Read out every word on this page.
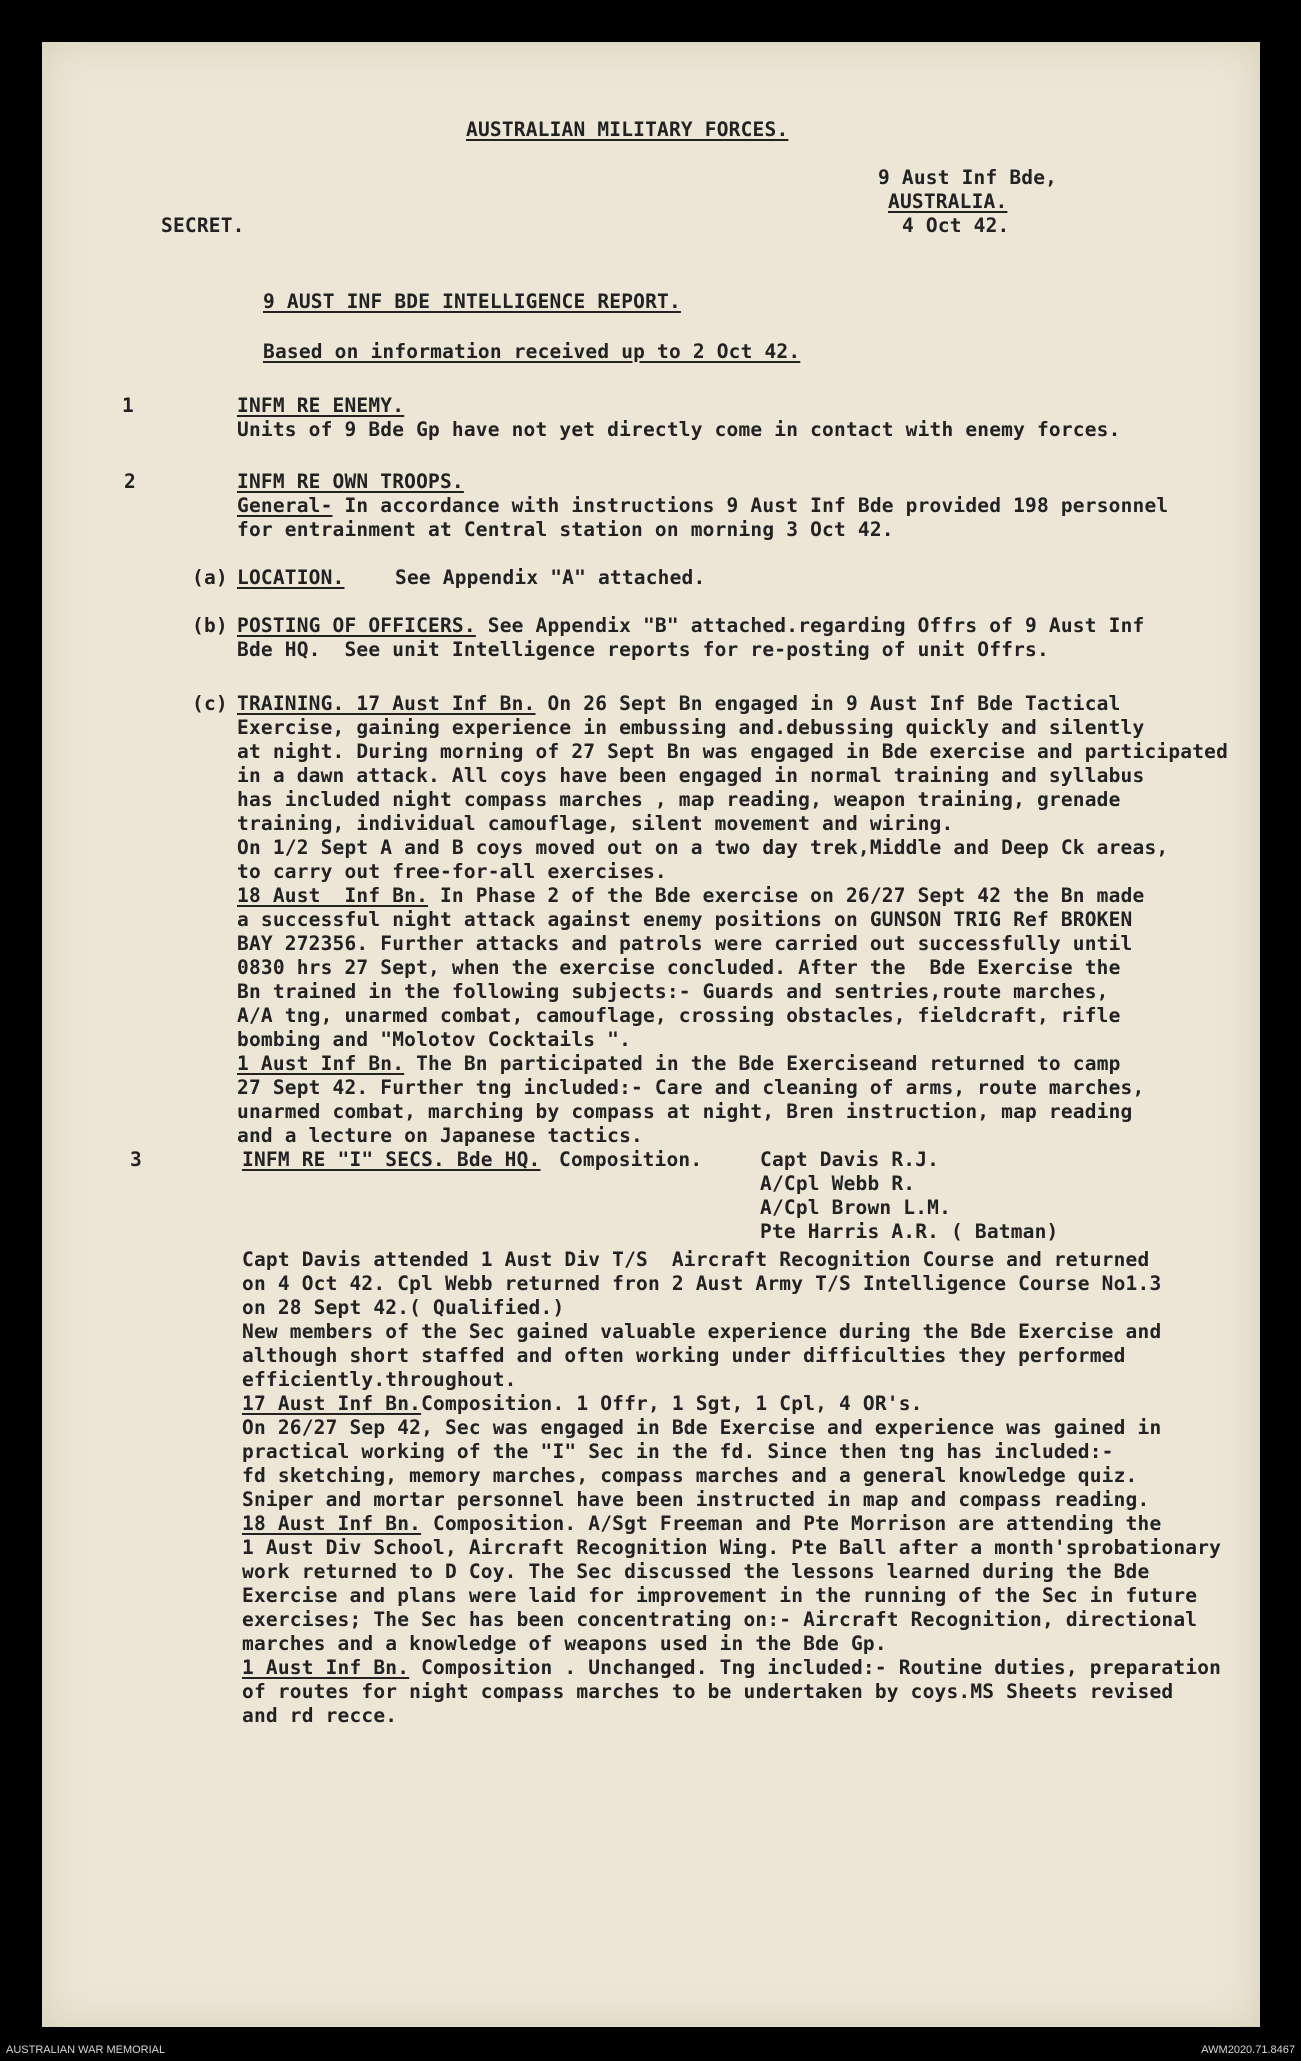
AUSTRALIAN MILITARY FORCES.
9 Aust Inf Bde,
AUSTRALIA.
SECRET.	4 Oct 42.
9 AUST INF BDE INTELLIGENCE REPORT.
Based on information received up to 2 Oct 42.
1	INFM RE ENEMY.
Units of 9 Bde Gp have not yet directly come in contact with enemy forces.
2	INFM RE OWN TROOPS.
General- In accordance with instructions 9 Aust Inf Bde provided 198 personnel
for entrainment at Central station on morning 3 Oct 42.
(a) LOCATION.	See Appendix "A" attached.
(b) POSTING OF OFFICERS. See Appendix "B" attached.regarding Offrs of 9 Aust Inf
Bde HQ.  See unit Intelligence reports for re-posting of unit Offrs.
(c) TRAINING. 17 Aust Inf Bn. On 26 Sept Bn engaged in 9 Aust Inf Bde Tactical
Exercise, gaining experience in embussing and.debussing quickly and silently
at night. During morning of 27 Sept Bn was engaged in Bde exercise and participated
in a dawn attack. All coys have been engaged in normal training and syllabus
has included night compass marches , map reading, weapon training, grenade
training, individual camouflage, silent movement and wiring.
On 1/2 Sept A and B coys moved out on a two day trek,Middle and Deep Ck areas,
to carry out free-for-all exercises.
18 Aust  Inf Bn. In Phase 2 of the Bde exercise on 26/27 Sept 42 the Bn made
a successful night attack against enemy positions on GUNSON TRIG Ref BROKEN
BAY 272356. Further attacks and patrols were carried out successfully until
0830 hrs 27 Sept, when the exercise concluded. After the  Bde Exercise the
Bn trained in the following subjects:- Guards and sentries,route marches,
A/A tng, unarmed combat, camouflage, crossing obstacles, fieldcraft, rifle
bombing and "Molotov Cocktails ".
1 Aust Inf Bn. The Bn participated in the Bde Exerciseand returned to camp
27 Sept 42. Further tng included:- Care and cleaning of arms, route marches,
unarmed combat, marching by compass at night, Bren instruction, map reading
and a lecture on Japanese tactics.
3	INFM RE "I" SECS. Bde HQ. Composition.	Capt Davis R.J.
A/Cpl Webb R.
A/Cpl Brown L.M.
Pte Harris A.R. ( Batman)
Capt Davis attended 1 Aust Div T/S  Aircraft Recognition Course and returned
on 4 Oct 42. Cpl Webb returned fron 2 Aust Army T/S Intelligence Course No1.3
on 28 Sept 42.( Qualified.)
New members of the Sec gained valuable experience during the Bde Exercise and
although short staffed and often working under difficulties they performed
efficiently.throughout.
17 Aust Inf Bn.Composition. 1 Offr, 1 Sgt, 1 Cpl, 4 OR's.
On 26/27 Sep 42, Sec was engaged in Bde Exercise and experience was gained in
practical working of the "I" Sec in the fd. Since then tng has included:-
fd sketching, memory marches, compass marches and a general knowledge quiz.
Sniper and mortar personnel have been instructed in map and compass reading.
18 Aust Inf Bn. Composition. A/Sgt Freeman and Pte Morrison are attending the
1 Aust Div School, Aircraft Recognition Wing. Pte Ball after a month'sprobationary
work returned to D Coy. The Sec discussed the lessons learned during the Bde
Exercise and plans were laid for improvement in the running of the Sec in future
exercises; The Sec has been concentrating on:- Aircraft Recognition, directional
marches and a knowledge of weapons used in the Bde Gp.
1 Aust Inf Bn. Composition . Unchanged. Tng included:- Routine duties, preparation
of routes for night compass marches to be undertaken by coys.MS Sheets revised
and rd recce.
AUSTRALIAN WAR MEMORIAL	AWM2020.71.8467
